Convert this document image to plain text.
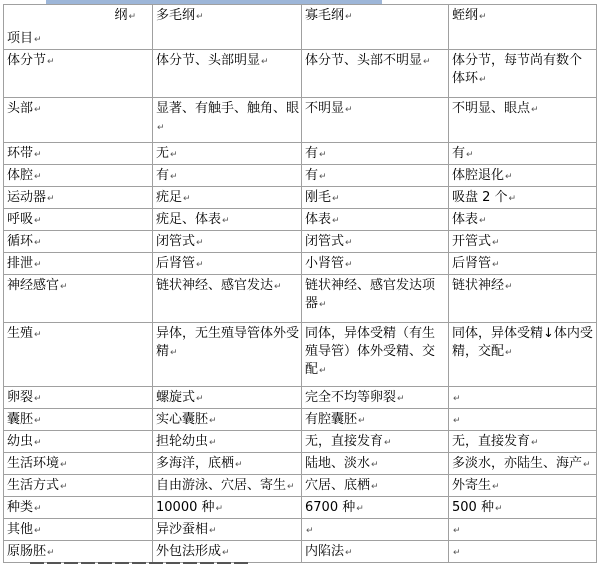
纲↵
项目↵	多毛纲↵	寡毛纲↵	蛭纲↵
体分节↵	体分节、头部明显↵	体分节、头部不明显↵	体分节，每节尚有数个体环↵
头部↵	显著、有触手、触角、眼↵	不明显↵	不明显、眼点↵
环带↵	无↵	有↵	有↵
体腔↵	有↵	有↵	体腔退化↵
运动器↵	疣足↵	刚毛↵	吸盘 2 个↵
呼吸↵	疣足、体表↵	体表↵	体表↵
循环↵	闭管式↵	闭管式↵	开管式↵
排泄↵	后肾管↵	小肾管↵	后肾管↵
神经感官↵	链状神经、感官发达↵	链状神经、感官发达项器↵	链状神经↵
生殖↵	异体，无生殖导管体外受精↵	同体，异体受精（有生殖导管）体外受精、交配↵	同体，异体受精↓体内受精，交配↵
卵裂↵	螺旋式↵	完全不均等卵裂↵	↵
囊胚↵	实心囊胚↵	有腔囊胚↵	↵
幼虫↵	担轮幼虫↵	无，直接发育↵	无，直接发育↵
生活环境↵	多海洋，底栖↵	陆地、淡水↵	多淡水，亦陆生、海产↵
生活方式↵	自由游泳、穴居、寄生↵	穴居、底栖↵	外寄生↵
种类↵	10000 种↵	6700 种↵	500 种↵
其他↵	异沙蚕相↵	↵	↵
原肠胚↵	外包法形成↵	内陷法↵	↵
